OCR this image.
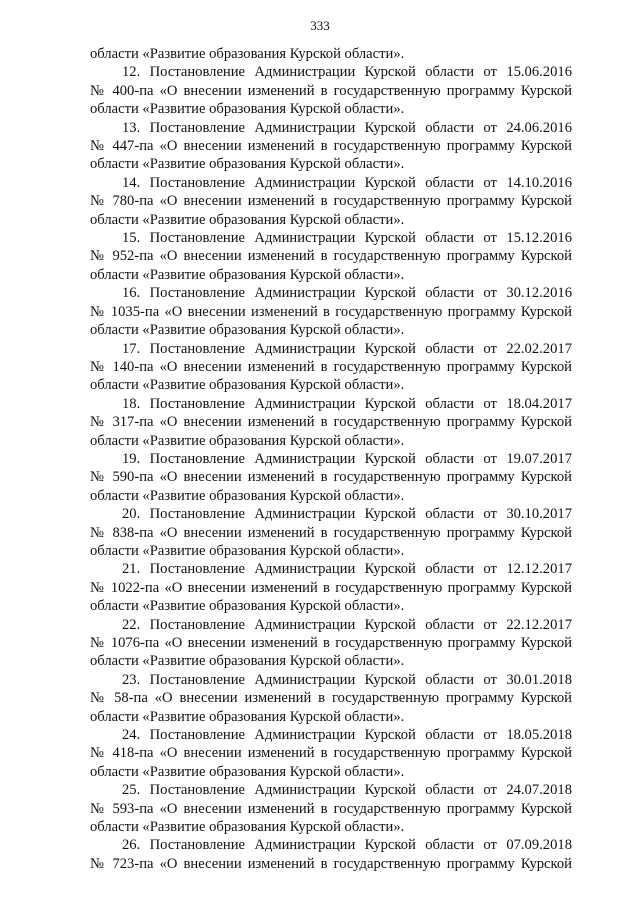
333

области «Развитие образования Курской области».

12. Постановление Администрации Курской области от 15.06.2016
№ 400-па «О внесении изменений в государственную программу Курской
области «Развитие образования Курской области».

13. Постановление Администрации Курской области от 24.06.2016
№ 447-па «О внесении изменений в государственную программу Курской
области «Развитие образования Курской области».

14. Постановление Администрации Курской области от 14.10.2016
№ 780-па «О внесении изменений в государственную программу Курской
области «Развитие образования Курской области».

15. Постановление Администрации Курской области от 15.12.2016
№ 952-па «О внесении изменений в государственную программу Курской
области «Развитие образования Курской области».

16. Постановление Администрации Курской области от 30.12.2016
№ 1035-па «О внесении изменений в государственную программу Курской
области «Развитие образования Курской области».

17. Постановление Администрации Курской области от 22.02.2017
№ 140-па «О внесении изменений в государственную программу Курской
области «Развитие образования Курской области».

18. Постановление Администрации Курской области от 18.04.2017
№ 317-па «О внесении изменений в государственную программу Курской
области «Развитие образования Курской области».

19. Постановление Администрации Курской области от 19.07.2017
№ 590-па «О внесении изменений в государственную программу Курской
области «Развитие образования Курской области».

20. Постановление Администрации Курской области от 30.10.2017
№ 838-па «О внесении изменений в государственную программу Курской
области «Развитие образования Курской области».

21. Постановление Администрации Курской области от 12.12.2017
№ 1022-па «О внесении изменений в государственную программу Курской
области «Развитие образования Курской области».

22. Постановление Администрации Курской области от 22.12.2017
№ 1076-па «О внесении изменений в государственную программу Курской
области «Развитие образования Курской области».

23. Постановление Администрации Курской области от 30.01.2018
№ 58-па «О внесении изменений в государственную программу Курской
области «Развитие образования Курской области».

24. Постановление Администрации Курской области от 18.05.2018
№ 418-па «О внесении изменений в государственную программу Курской
области «Развитие образования Курской области».

25. Постановление Администрации Курской области от 24.07.2018
№ 593-па «О внесении изменений в государственную программу Курской
области «Развитие образования Курской области».

26. Постановление Администрации Курской области от 07.09.2018
№ 723-па «О внесении изменений в государственную программу Курской
